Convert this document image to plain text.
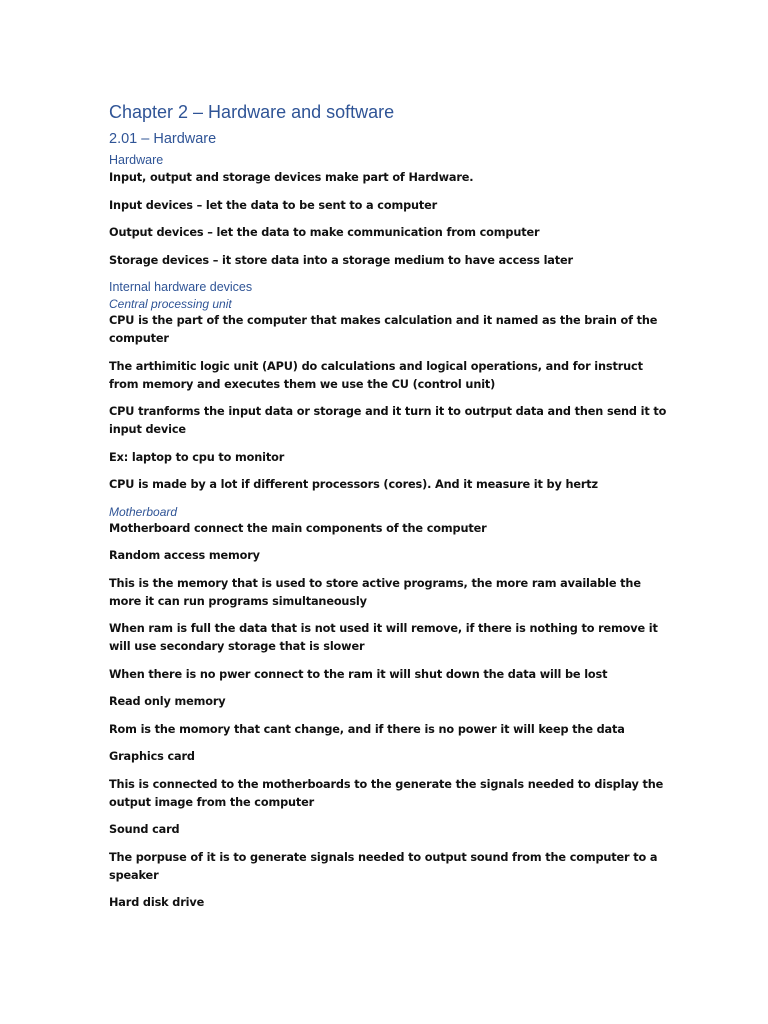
Chapter 2 – Hardware and software
2.01 – Hardware
Hardware
Input, output and storage devices make part of Hardware.
Input devices – let the data to be sent to a computer
Output devices – let the data to make communication from computer
Storage devices – it store data into a storage medium to have access later
Internal hardware devices
Central processing unit
CPU is the part of the computer that makes calculation and it named as the brain of the computer
The arthimitic logic unit (APU) do calculations and logical operations, and for instruct from memory and executes them we use the CU (control unit)
CPU tranforms the input data or storage and it turn it to outrput data and then send it to input device
Ex: laptop to cpu to monitor
CPU is made by a lot if different processors (cores). And it measure it by hertz
Motherboard
Motherboard connect the main components of the computer
Random access memory
This is the memory that is used to store active programs, the more ram available the more it can run programs simultaneously
When ram is full the data that is not used it will remove, if there is nothing to remove it will use secondary storage that is slower
When there is no pwer connect to the ram it will shut down the data will be lost
Read only memory
Rom is the momory that cant change, and if there is no power it will keep the data
Graphics card
This is connected to the motherboards to the generate the signals needed to display the output image from the computer
Sound card
The porpuse of it is to generate signals needed to output sound from the computer to a speaker
Hard disk drive
